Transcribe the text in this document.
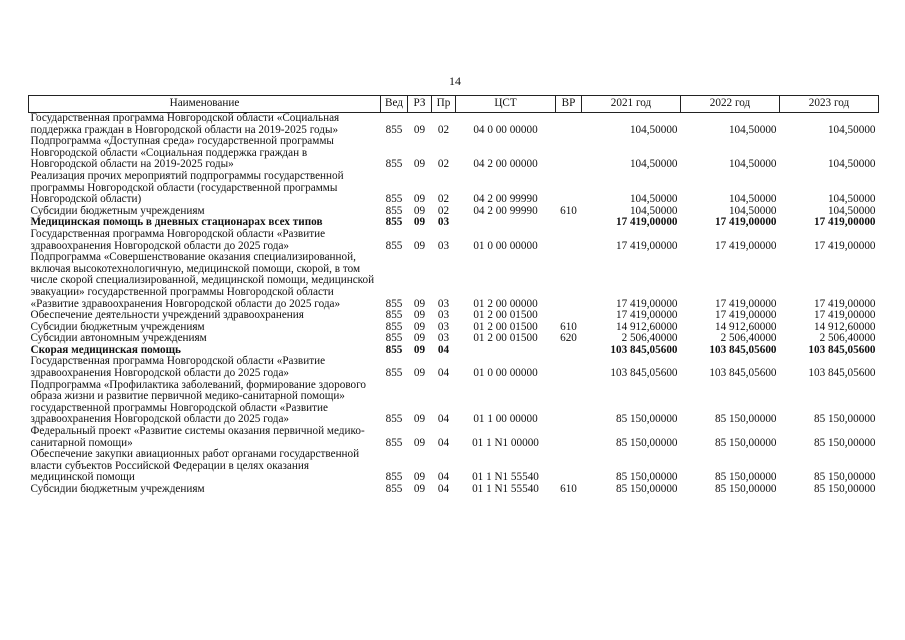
14
Наименование	Вед	РЗ	Пр	ЦСТ	ВР	2021 год	2022 год	2023 год
Государственная программа Новгородской области «Социальная поддержка граждан в Новгородской области на 2019-2025 годы»	855	09	02	04 0 00 00000		104,50000	104,50000	104,50000
Подпрограмма «Доступная среда» государственной программы Новгородской области «Социальная поддержка граждан в Новгородской области на 2019-2025 годы»	855	09	02	04 2 00 00000		104,50000	104,50000	104,50000
Реализация прочих мероприятий подпрограммы государственной программы Новгородской области (государственной программы Новгородской области)	855	09	02	04 2 00 99990		104,50000	104,50000	104,50000
Субсидии бюджетным учреждениям	855	09	02	04 2 00 99990	610	104,50000	104,50000	104,50000
Медицинская помощь в дневных стационарах всех типов	855	09	03			17 419,00000	17 419,00000	17 419,00000
Государственная программа Новгородской области «Развитие здравоохранения Новгородской области до 2025 года»	855	09	03	01 0 00 00000		17 419,00000	17 419,00000	17 419,00000
Подпрограмма «Совершенствование оказания специализированной, включая высокотехнологичную, медицинской помощи, скорой, в том числе скорой специализированной, медицинской помощи, медицинской эвакуации» государственной программы Новгородской области «Развитие здравоохранения Новгородской области до 2025 года»	855	09	03	01 2 00 00000		17 419,00000	17 419,00000	17 419,00000
Обеспечение деятельности учреждений здравоохранения	855	09	03	01 2 00 01500		17 419,00000	17 419,00000	17 419,00000
Субсидии бюджетным учреждениям	855	09	03	01 2 00 01500	610	14 912,60000	14 912,60000	14 912,60000
Субсидии автономным учреждениям	855	09	03	01 2 00 01500	620	2 506,40000	2 506,40000	2 506,40000
Скорая медицинская помощь	855	09	04			103 845,05600	103 845,05600	103 845,05600
Государственная программа Новгородской области «Развитие здравоохранения Новгородской области до 2025 года»	855	09	04	01 0 00 00000		103 845,05600	103 845,05600	103 845,05600
Подпрограмма «Профилактика заболеваний, формирование здорового образа жизни и развитие первичной медико-санитарной помощи» государственной программы Новгородской области «Развитие здравоохранения Новгородской области до 2025 года»	855	09	04	01 1 00 00000		85 150,00000	85 150,00000	85 150,00000
Федеральный проект «Развитие системы оказания первичной медико-санитарной помощи»	855	09	04	01 1 N1 00000		85 150,00000	85 150,00000	85 150,00000
Обеспечение закупки авиационных работ органами государственной власти субъектов Российской Федерации в целях оказания медицинской помощи	855	09	04	01 1 N1 55540		85 150,00000	85 150,00000	85 150,00000
Субсидии бюджетным учреждениям	855	09	04	01 1 N1 55540	610	85 150,00000	85 150,00000	85 150,00000
